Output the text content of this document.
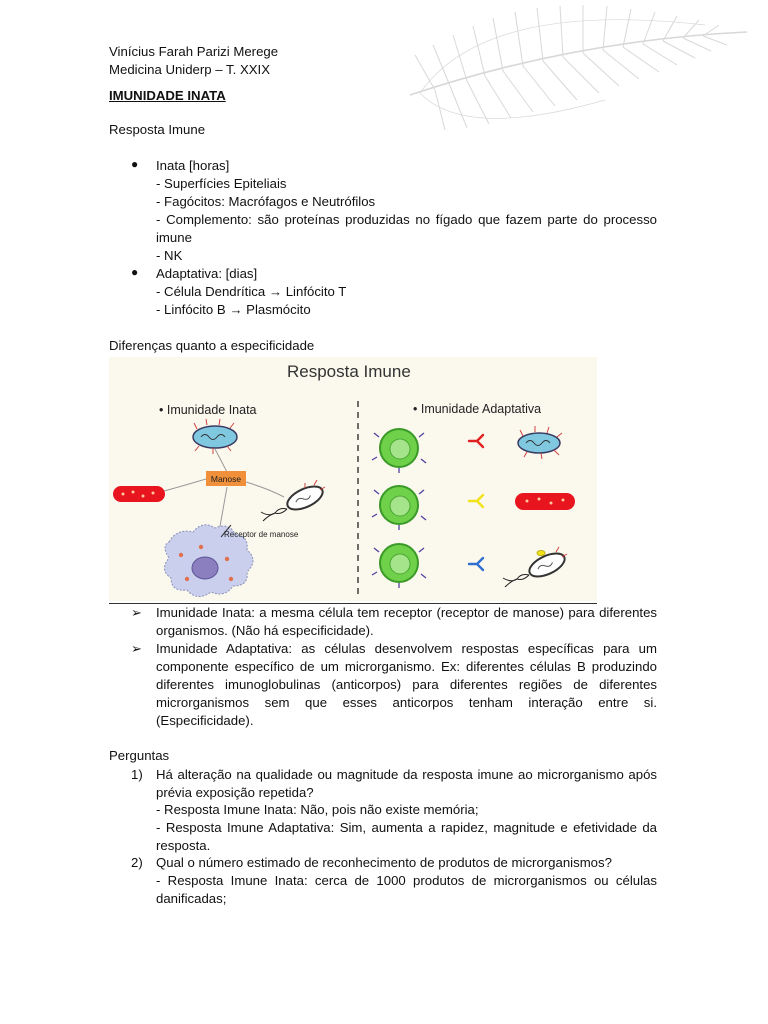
Vinícius Farah Parizi Merege
Medicina Uniderp – T. XXIX
IMUNIDADE INATA
Resposta Imune
● Inata [horas]
- Superfícies Epiteliais
- Fagócitos: Macrófagos e Neutrófilos
- Complemento: são proteínas produzidas no fígado que fazem parte do processo imune
- NK
● Adaptativa: [dias]
- Célula Dendrítica → Linfócito T
- Linfócito B → Plasmócito
Diferenças quanto a especificidade
Resposta Imune
• Imunidade Inata	• Imunidade Adaptativa
Manose
Receptor de manose
➢ Imunidade Inata: a mesma célula tem receptor (receptor de manose) para diferentes organismos. (Não há especificidade).
➢ Imunidade Adaptativa: as células desenvolvem respostas específicas para um componente específico de um microrganismo. Ex: diferentes células B produzindo diferentes imunoglobulinas (anticorpos) para diferentes regiões de diferentes microrganismos sem que esses anticorpos tenham interação entre si. (Especificidade).
Perguntas
1) Há alteração na qualidade ou magnitude da resposta imune ao microrganismo após prévia exposição repetida?
- Resposta Imune Inata: Não, pois não existe memória;
- Resposta Imune Adaptativa: Sim, aumenta a rapidez, magnitude e efetividade da resposta.
2) Qual o número estimado de reconhecimento de produtos de microrganismos?
- Resposta Imune Inata: cerca de 1000 produtos de microrganismos ou células danificadas;
